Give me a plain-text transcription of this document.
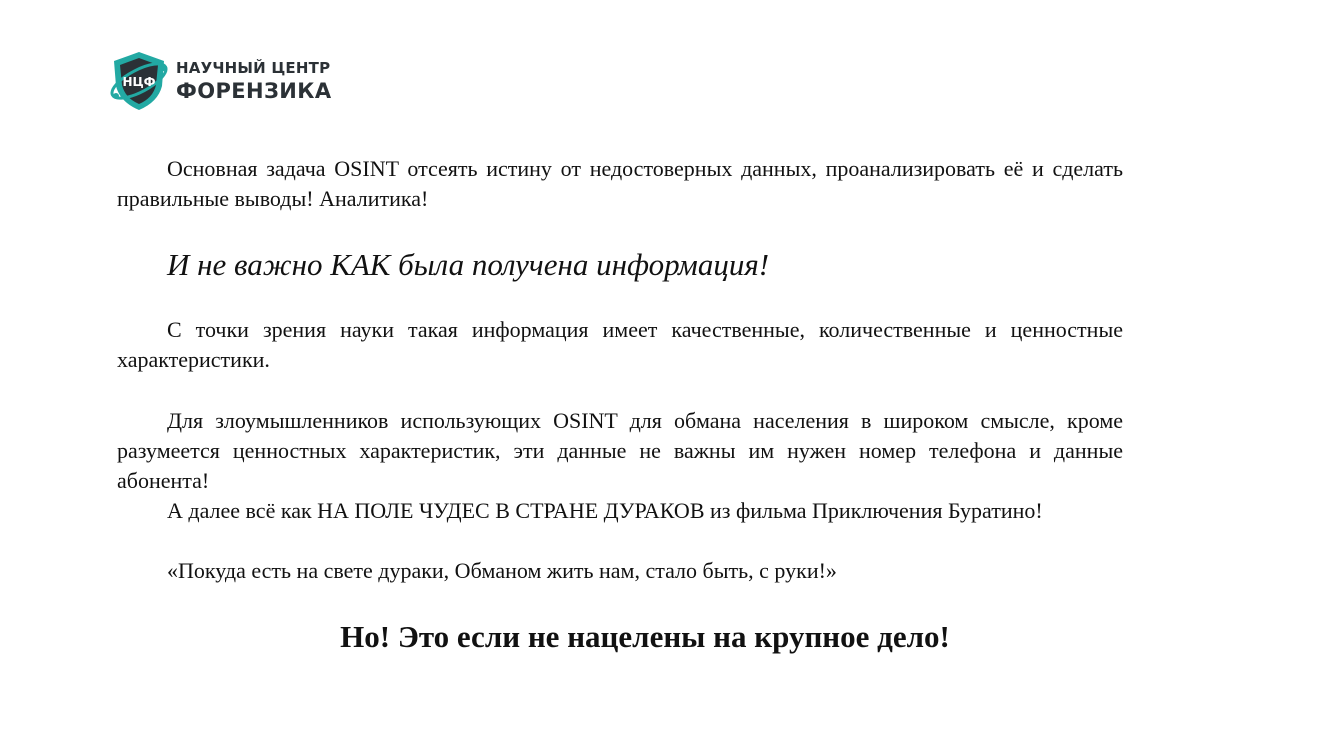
НЦФ
НАУЧНЫЙ ЦЕНТР
ФОРЕНЗИКА

Основная задача OSINT отсеять истину от недостоверных данных, проанализировать её и сделать правильные выводы! Аналитика!

И не важно КАК была получена информация!

С точки зрения науки такая информация имеет качественные, количественные и ценностные характеристики.

Для злоумышленников использующих OSINT для обмана населения в широком смысле, кроме разумеется ценностных характеристик, эти данные не важны им нужен номер телефона и данные абонента!

А далее всё как НА ПОЛЕ ЧУДЕС В СТРАНЕ ДУРАКОВ из фильма Приключения Буратино!

«Покуда есть на свете дураки, Обманом жить нам, стало быть, с руки!»

Но! Это если не нацелены на крупное дело!
